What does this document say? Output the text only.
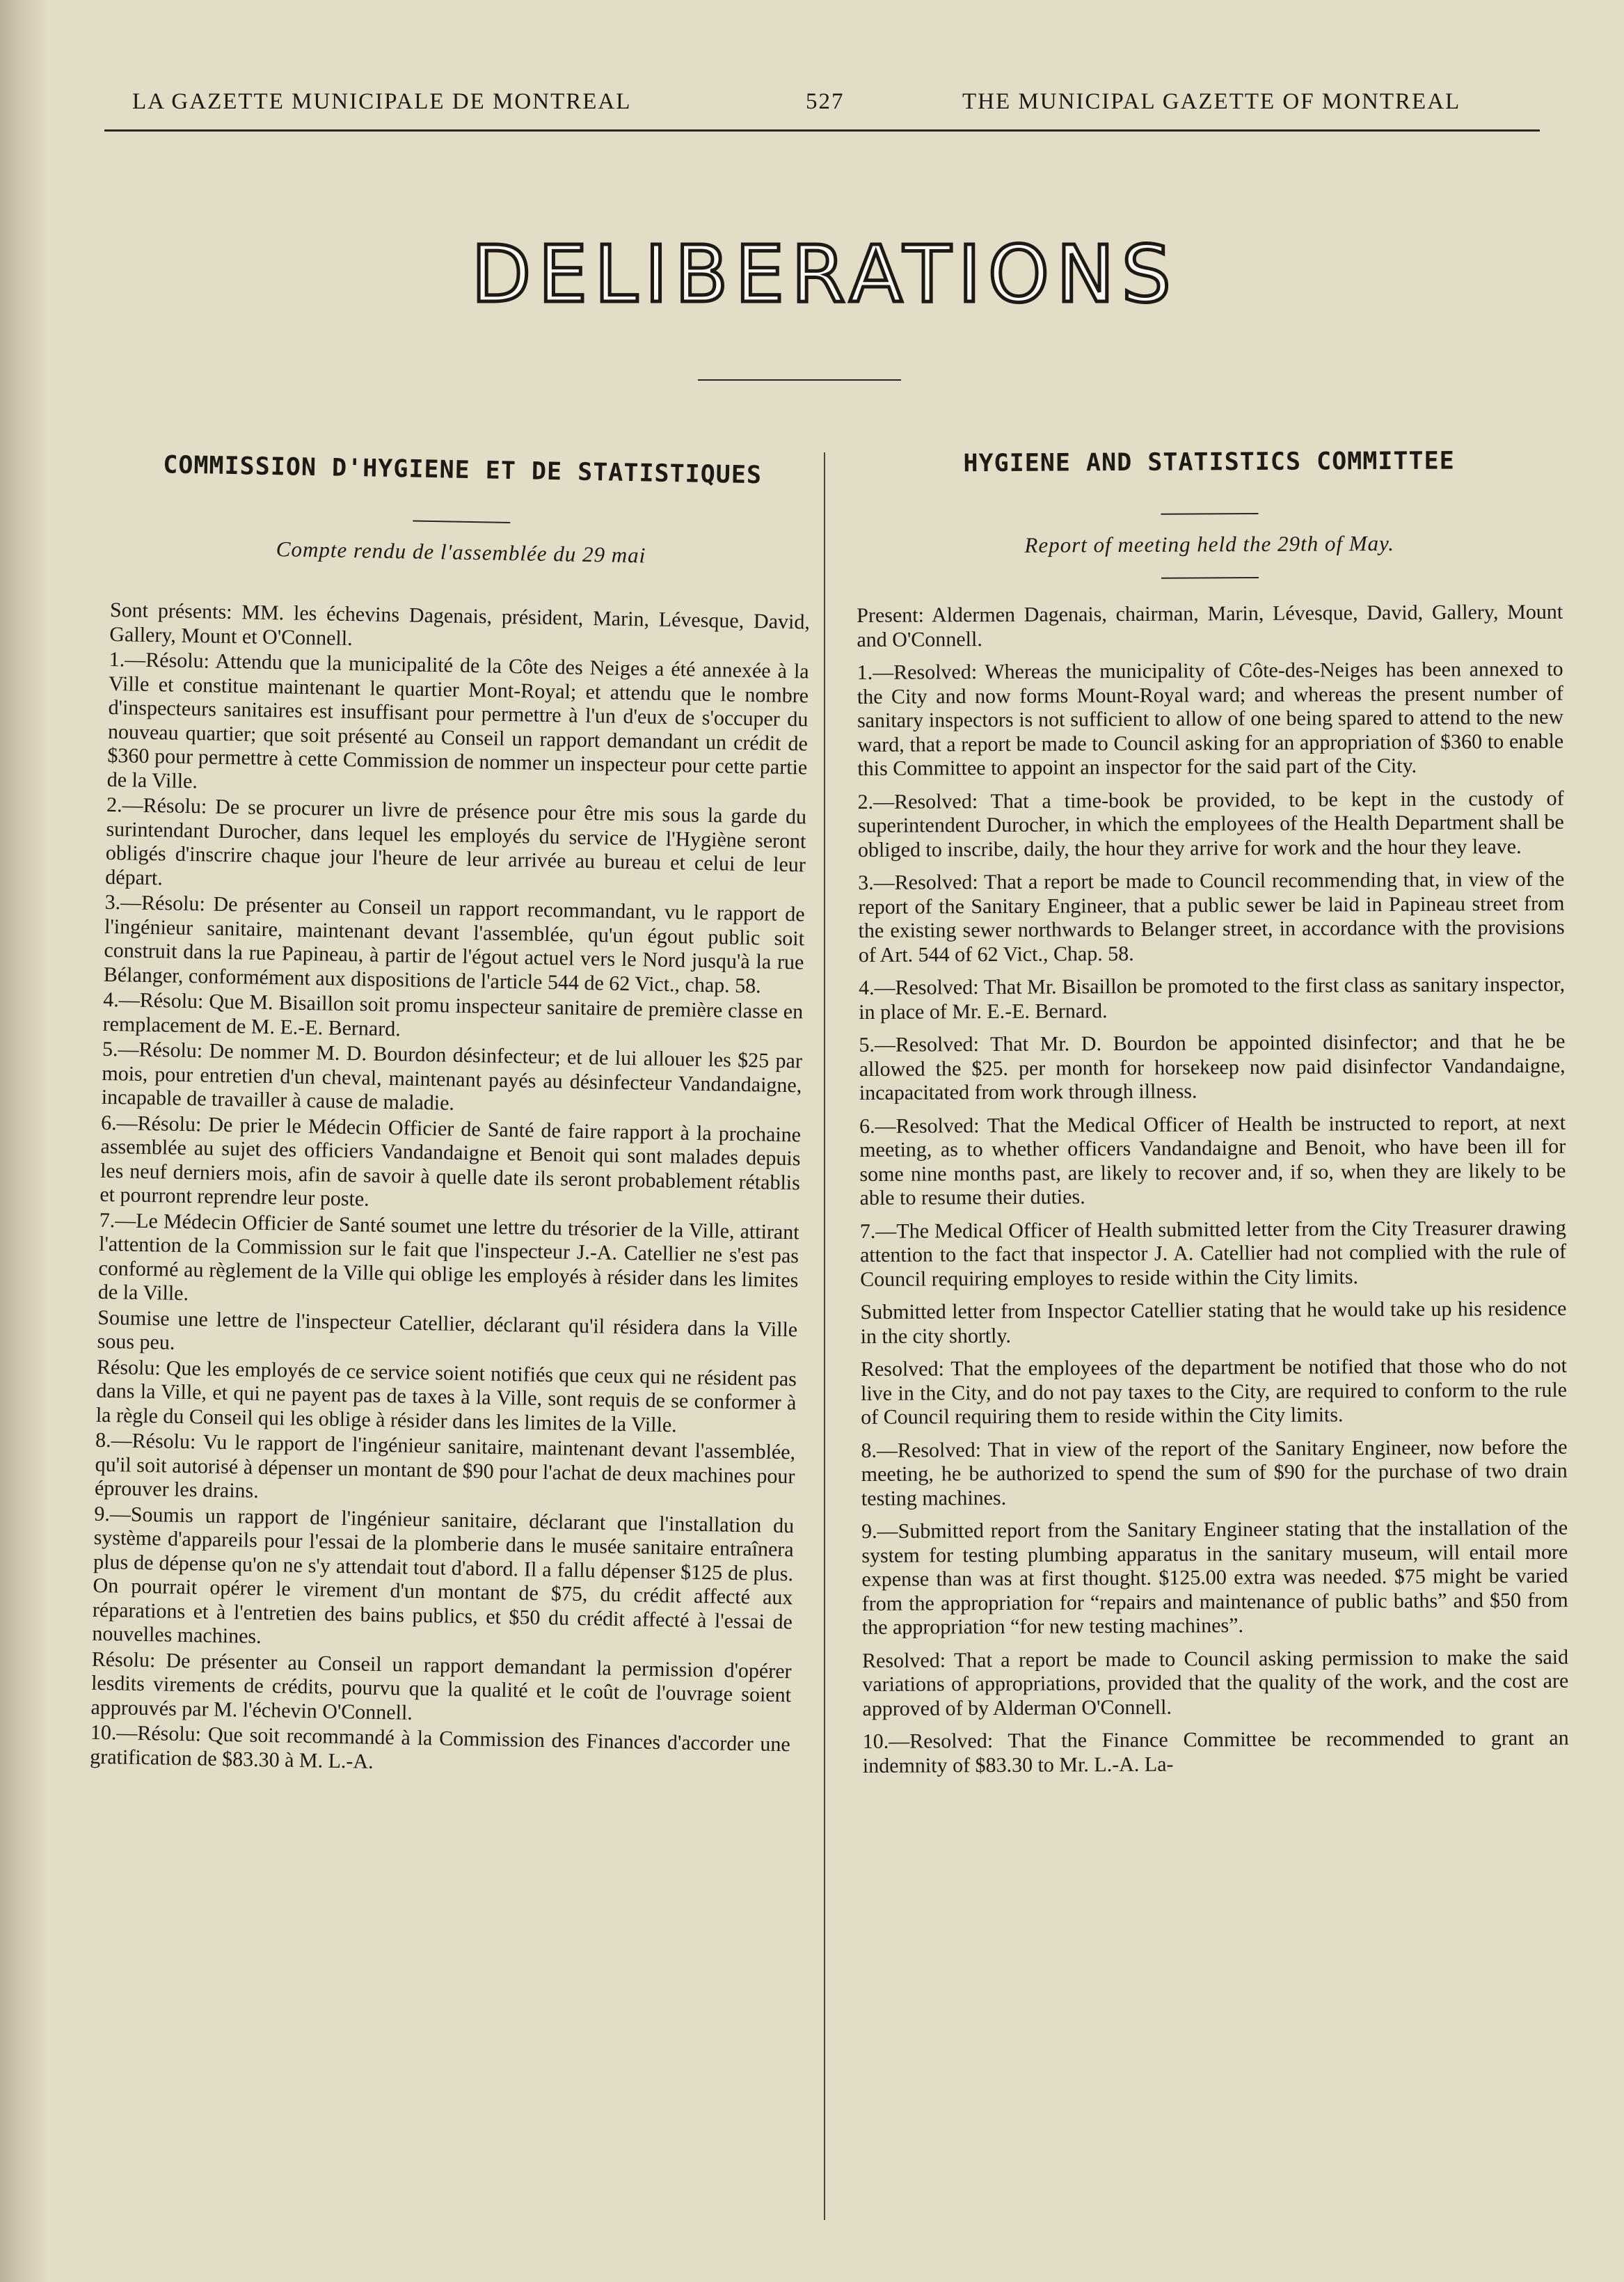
LA GAZETTE MUNICIPALE DE MONTREAL	527	THE MUNICIPAL GAZETTE OF MONTREAL
DELIBERATIONS
COMMISSION D'HYGIENE ET DE STATISTIQUES

Compte rendu de l'assemblée du 29 mai

Sont présents: MM. les échevins Dagenais, président, Marin, Lévesque, David, Gallery, Mount et O'Connell.

1.—Résolu: Attendu que la municipalité de la Côte des Neiges a été annexée à la Ville et constitue maintenant le quartier Mont-Royal; et attendu que le nombre d'inspecteurs sanitaires est insuffisant pour permettre à l'un d'eux de s'occuper du nouveau quartier; que soit présenté au Conseil un rapport demandant un crédit de $360 pour permettre à cette Commission de nommer un inspecteur pour cette partie de la Ville.

2.—Résolu: De se procurer un livre de présence pour être mis sous la garde du surintendant Durocher, dans lequel les employés du service de l'Hygiène seront obligés d'inscrire chaque jour l'heure de leur arrivée au bureau et celui de leur départ.

3.—Résolu: De présenter au Conseil un rapport recommandant, vu le rapport de l'ingénieur sanitaire, maintenant devant l'assemblée, qu'un égout public soit construit dans la rue Papineau, à partir de l'égout actuel vers le Nord jusqu'à la rue Bélanger, conformément aux dispositions de l'article 544 de 62 Vict., chap. 58.

4.—Résolu: Que M. Bisaillon soit promu inspecteur sanitaire de première classe en remplacement de M. E.-E. Bernard.

5.—Résolu: De nommer M. D. Bourdon désinfecteur; et de lui allouer les $25 par mois, pour entretien d'un cheval, maintenant payés au désinfecteur Vandandaigne, incapable de travailler à cause de maladie.

6.—Résolu: De prier le Médecin Officier de Santé de faire rapport à la prochaine assemblée au sujet des officiers Vandandaigne et Benoit qui sont malades depuis les neuf derniers mois, afin de savoir à quelle date ils seront probablement rétablis et pourront reprendre leur poste.

7.—Le Médecin Officier de Santé soumet une lettre du trésorier de la Ville, attirant l'attention de la Commission sur le fait que l'inspecteur J.-A. Catellier ne s'est pas conformé au règlement de la Ville qui oblige les employés à résider dans les limites de la Ville.

Soumise une lettre de l'inspecteur Catellier, déclarant qu'il résidera dans la Ville sous peu.

Résolu: Que les employés de ce service soient notifiés que ceux qui ne résident pas dans la Ville, et qui ne payent pas de taxes à la Ville, sont requis de se conformer à la règle du Conseil qui les oblige à résider dans les limites de la Ville.

8.—Résolu: Vu le rapport de l'ingénieur sanitaire, maintenant devant l'assemblée, qu'il soit autorisé à dépenser un montant de $90 pour l'achat de deux machines pour éprouver les drains.

9.—Soumis un rapport de l'ingénieur sanitaire, déclarant que l'installation du système d'appareils pour l'essai de la plomberie dans le musée sanitaire entraînera plus de dépense qu'on ne s'y attendait tout d'abord. Il a fallu dépenser $125 de plus. On pourrait opérer le virement d'un montant de $75, du crédit affecté aux réparations et à l'entretien des bains publics, et $50 du crédit affecté à l'essai de nouvelles machines.

Résolu: De présenter au Conseil un rapport demandant la permission d'opérer lesdits virements de crédits, pourvu que la qualité et le coût de l'ouvrage soient approuvés par M. l'échevin O'Connell.

10.—Résolu: Que soit recommandé à la Commission des Finances d'accorder une gratification de $83.30 à M. L.-A.

HYGIENE AND STATISTICS COMMITTEE

Report of meeting held the 29th of May.

Present: Aldermen Dagenais, chairman, Marin, Lévesque, David, Gallery, Mount and O'Connell.

1.—Resolved: Whereas the municipality of Côte-des-Neiges has been annexed to the City and now forms Mount-Royal ward; and whereas the present number of sanitary inspectors is not sufficient to allow of one being spared to attend to the new ward, that a report be made to Council asking for an appropriation of $360 to enable this Committee to appoint an inspector for the said part of the City.

2.—Resolved: That a time-book be provided, to be kept in the custody of superintendent Durocher, in which the employees of the Health Department shall be obliged to inscribe, daily, the hour they arrive for work and the hour they leave.

3.—Resolved: That a report be made to Council recommending that, in view of the report of the Sanitary Engineer, that a public sewer be laid in Papineau street from the existing sewer northwards to Belanger street, in accordance with the provisions of Art. 544 of 62 Vict., Chap. 58.

4.—Resolved: That Mr. Bisaillon be promoted to the first class as sanitary inspector, in place of Mr. E.-E. Bernard.

5.—Resolved: That Mr. D. Bourdon be appointed disinfector; and that he be allowed the $25. per month for horsekeep now paid disinfector Vandandaigne, incapacitated from work through illness.

6.—Resolved: That the Medical Officer of Health be instructed to report, at next meeting, as to whether officers Vandandaigne and Benoit, who have been ill for some nine months past, are likely to recover and, if so, when they are likely to be able to resume their duties.

7.—The Medical Officer of Health submitted letter from the City Treasurer drawing attention to the fact that inspector J. A. Catellier had not complied with the rule of Council requiring employes to reside within the City limits.

Submitted letter from Inspector Catellier stating that he would take up his residence in the city shortly.

Resolved: That the employees of the department be notified that those who do not live in the City, and do not pay taxes to the City, are required to conform to the rule of Council requiring them to reside within the City limits.

8.—Resolved: That in view of the report of the Sanitary Engineer, now before the meeting, he be authorized to spend the sum of $90 for the purchase of two drain testing machines.

9.—Submitted report from the Sanitary Engineer stating that the installation of the system for testing plumbing apparatus in the sanitary museum, will entail more expense than was at first thought. $125.00 extra was needed. $75 might be varied from the appropriation for “repairs and maintenance of public baths” and $50 from the appropriation “for new testing machines”.

Resolved: That a report be made to Council asking permission to make the said variations of appropriations, provided that the quality of the work, and the cost are approved of by Alderman O'Connell.

10.—Resolved: That the Finance Committee be recommended to grant an indemnity of $83.30 to Mr. L.-A. La-
